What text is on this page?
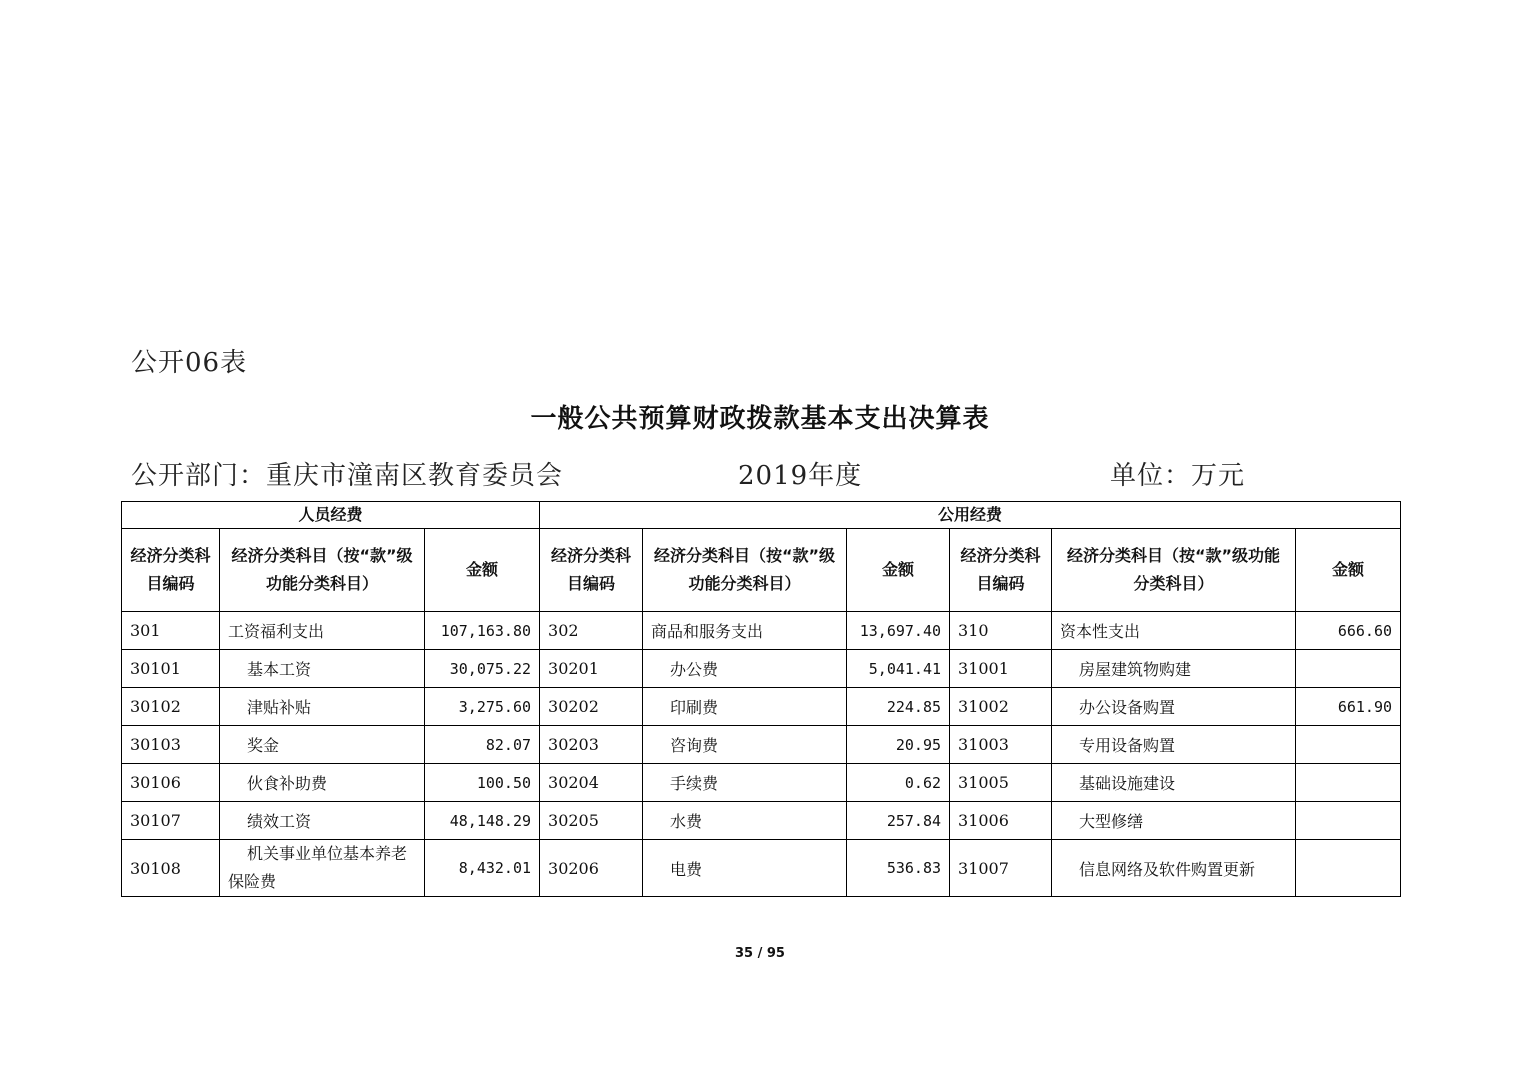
公开06表
一般公共预算财政拨款基本支出决算表
公开部门：重庆市潼南区教育委员会	2019年度	单位：万元
人员经费			公用经费					
经济分类科目编码	经济分类科目（按“款”级功能分类科目）	金额	经济分类科目编码	经济分类科目（按“款”级功能分类科目）	金额	经济分类科目编码	经济分类科目（按“款”级功能分类科目）	金额
301	工资福利支出	107,163.80	302	商品和服务支出	13,697.40	310	资本性支出	666.60
30101	基本工资	30,075.22	30201	办公费	5,041.41	31001	房屋建筑物购建	
30102	津贴补贴	3,275.60	30202	印刷费	224.85	31002	办公设备购置	661.90
30103	奖金	82.07	30203	咨询费	20.95	31003	专用设备购置	
30106	伙食补助费	100.50	30204	手续费	0.62	31005	基础设施建设	
30107	绩效工资	48,148.29	30205	水费	257.84	31006	大型修缮	
30108	机关事业单位基本养老保险费	8,432.01	30206	电费	536.83	31007	信息网络及软件购置更新	
35 / 95
